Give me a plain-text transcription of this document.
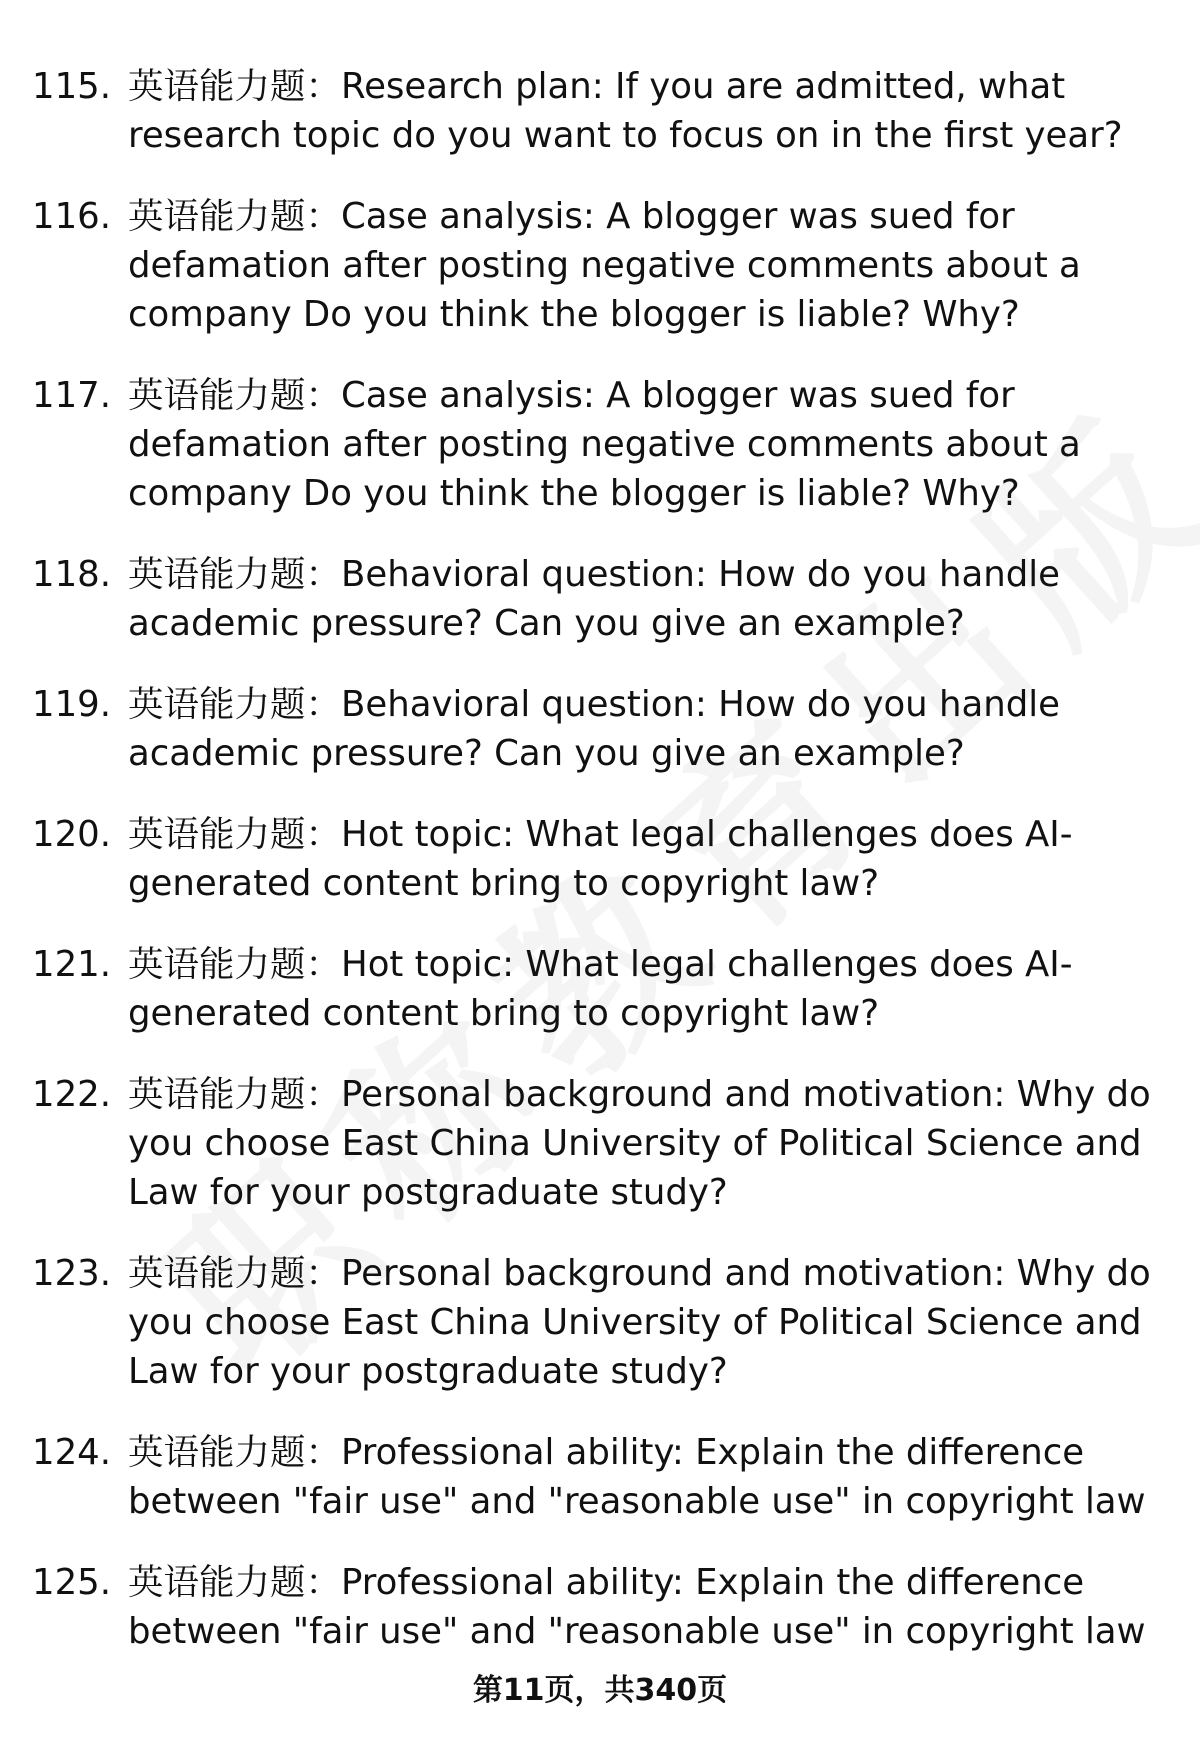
115. 英语能力题：Research plan: If you are admitted, what research topic do you want to focus on in the first year?
116. 英语能力题：Case analysis: A blogger was sued for defamation after posting negative comments about a company Do you think the blogger is liable? Why?
117. 英语能力题：Case analysis: A blogger was sued for defamation after posting negative comments about a company Do you think the blogger is liable? Why?
118. 英语能力题：Behavioral question: How do you handle academic pressure? Can you give an example?
119. 英语能力题：Behavioral question: How do you handle academic pressure? Can you give an example?
120. 英语能力题：Hot topic: What legal challenges does AI-generated content bring to copyright law?
121. 英语能力题：Hot topic: What legal challenges does AI-generated content bring to copyright law?
122. 英语能力题：Personal background and motivation: Why do you choose East China University of Political Science and Law for your postgraduate study?
123. 英语能力题：Personal background and motivation: Why do you choose East China University of Political Science and Law for your postgraduate study?
124. 英语能力题：Professional ability: Explain the difference between "fair use" and "reasonable use" in copyright law
125. 英语能力题：Professional ability: Explain the difference between "fair use" and "reasonable use" in copyright law
第11页，共340页
